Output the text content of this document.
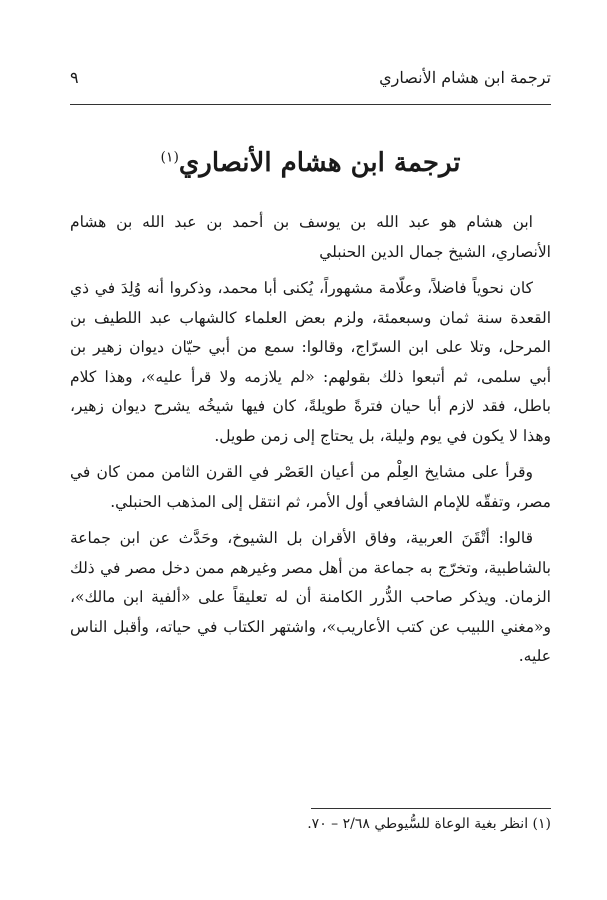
ترجمة ابن هشام الأنصاري
٩
ترجمة ابن هشام الأنصاري$^{(١)}$

ابن هشام هو عبد الله بن يوسف بن أحمد بن عبد الله بن هشام الأنصاري، الشيخ جمال الدين الحنبلي

كان نحوياً فاضلاً، وعلّامة مشهوراً، يُكنى أبا محمد، وذكروا أنه وُلِدَ في ذي القعدة سنة ثمان وسبعمئة، ولزم بعض العلماء كالشهاب عبد اللطيف بن المرحل، وتلا على ابن السرّاج، وقالوا: سمع من أبي حيّان ديوان زهير بن أبي سلمى، ثم أتبعوا ذلك بقولهم: «لم يلازمه ولا قرأ عليه»، وهذا كلام باطل، فقد لازم أبا حيان فترةً طويلةً، كان فيها شيخُه يشرح ديوان زهير، وهذا لا يكون في يوم وليلة، بل يحتاج إلى زمن طويل.

وقرأ على مشايخ العِلْم من أعيان العَصْر في القرن الثامن ممن كان في مصر، وتفقّه للإمام الشافعي أول الأمر، ثم انتقل إلى المذهب الحنبلي.

قالوا: أتْقَنَ العربية، وفاق الأقران بل الشيوخ، وحَدَّث عن ابن جماعة بالشاطبية، وتخرّج به جماعة من أهل مصر وغيرهم ممن دخل مصر في ذلك الزمان. ويذكر صاحب الدُّرر الكامنة أن له تعليقاً على «ألفية ابن مالك»، و«مغني اللبيب عن كتب الأعاريب»، واشتهر الكتاب في حياته، وأقبل الناس عليه.

(١) انظر بغية الوعاة للسُّيوطي ٢/٦٨ – ٧٠.
